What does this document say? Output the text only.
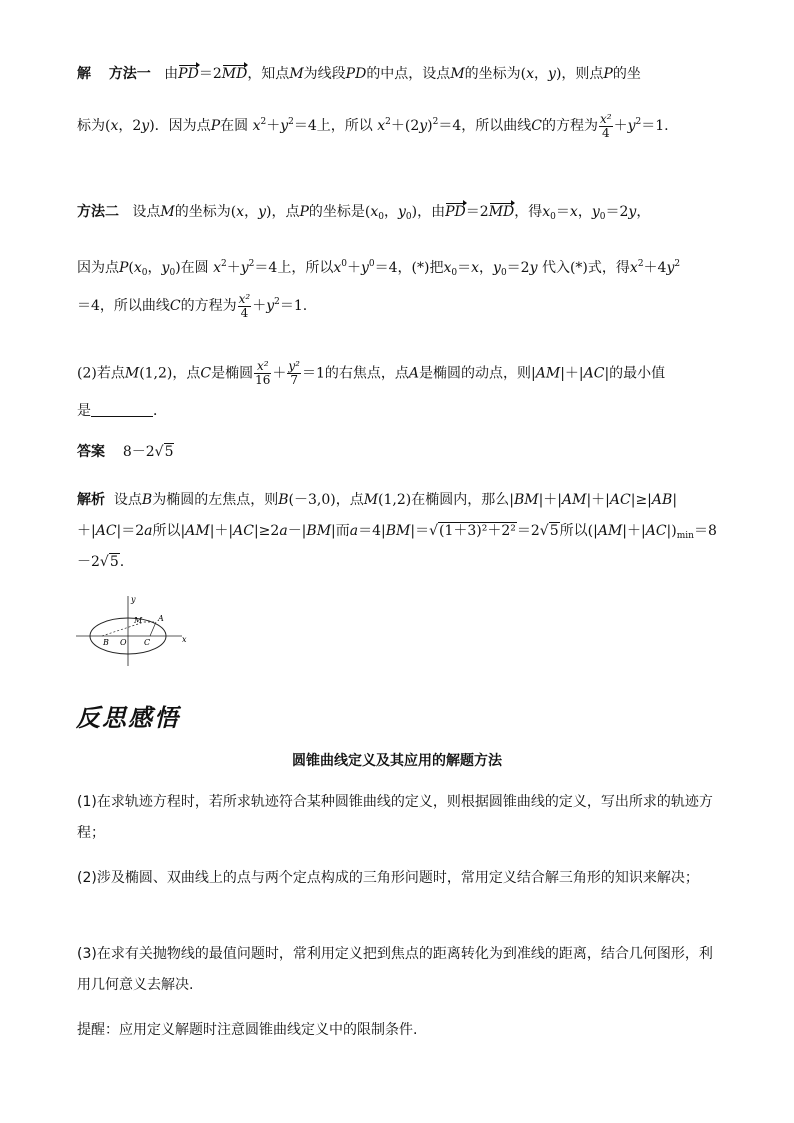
解 方法一 由PD＝2MD，知点M为线段PD的中点，设点M的坐标为(x，y)，则点P的坐
标为(x，2y)．因为点P在圆 $x^2+y^2=4$上，所以 $x^2+(2y)^2=4$，所以曲线C的方程为 $\frac{\text{x²}}{4} +y^2=1$.
方法二 设点M的坐标为(x，y)，点P的坐标是($x_0$，$y_0$)，由PD＝2MD，得$x_0=x$，$y_0=2y$，
因为点$P(x_0$，$y_0$)在圆 $x^2+y^2=4$上，所以$x^0+y^0=4$，(*)把$x_0=x$，$y_0=2y$ 代入(*)式，得$x^2+4y^2$
＝4，所以曲线C的方程为 $\frac{\text{x²}}{4} +y^2=1$.
(2)若点M(1,2)，点C是椭圆 $\frac{\text{x²}}{16} + \frac{\text{y²}}{7} =1$的右焦点，点A是椭圆的动点，则|AM|＋|AC|的最小值
是	．
答案 8－2√5
解析 设点B为椭圆的左焦点，则B(－3,0)，点M(1,2)在椭圆内，那么|BM|＋|AM|＋|AC|≥|AB|
＋|AC|＝2a所以|AM|＋|AC|≥2a－|BM|而a＝4|BM|＝√(1＋3)²＋2²＝2√5所以$(|AM|+|AC|)_{min}=8$
－2√5.
y
x
M A
B O C
反思感悟
圆锥曲线定义及其应用的解题方法
(1)在求轨迹方程时，若所求轨迹符合某种圆锥曲线的定义，则根据圆锥曲线的定义，写出所求的轨迹方程；
(2)涉及椭圆、双曲线上的点与两个定点构成的三角形问题时，常用定义结合解三角形的知识来解决；
(3)在求有关抛物线的最值问题时，常利用定义把到焦点的距离转化为到准线的距离，结合几何图形，利用几何意义去解决.
提醒：应用定义解题时注意圆锥曲线定义中的限制条件.
